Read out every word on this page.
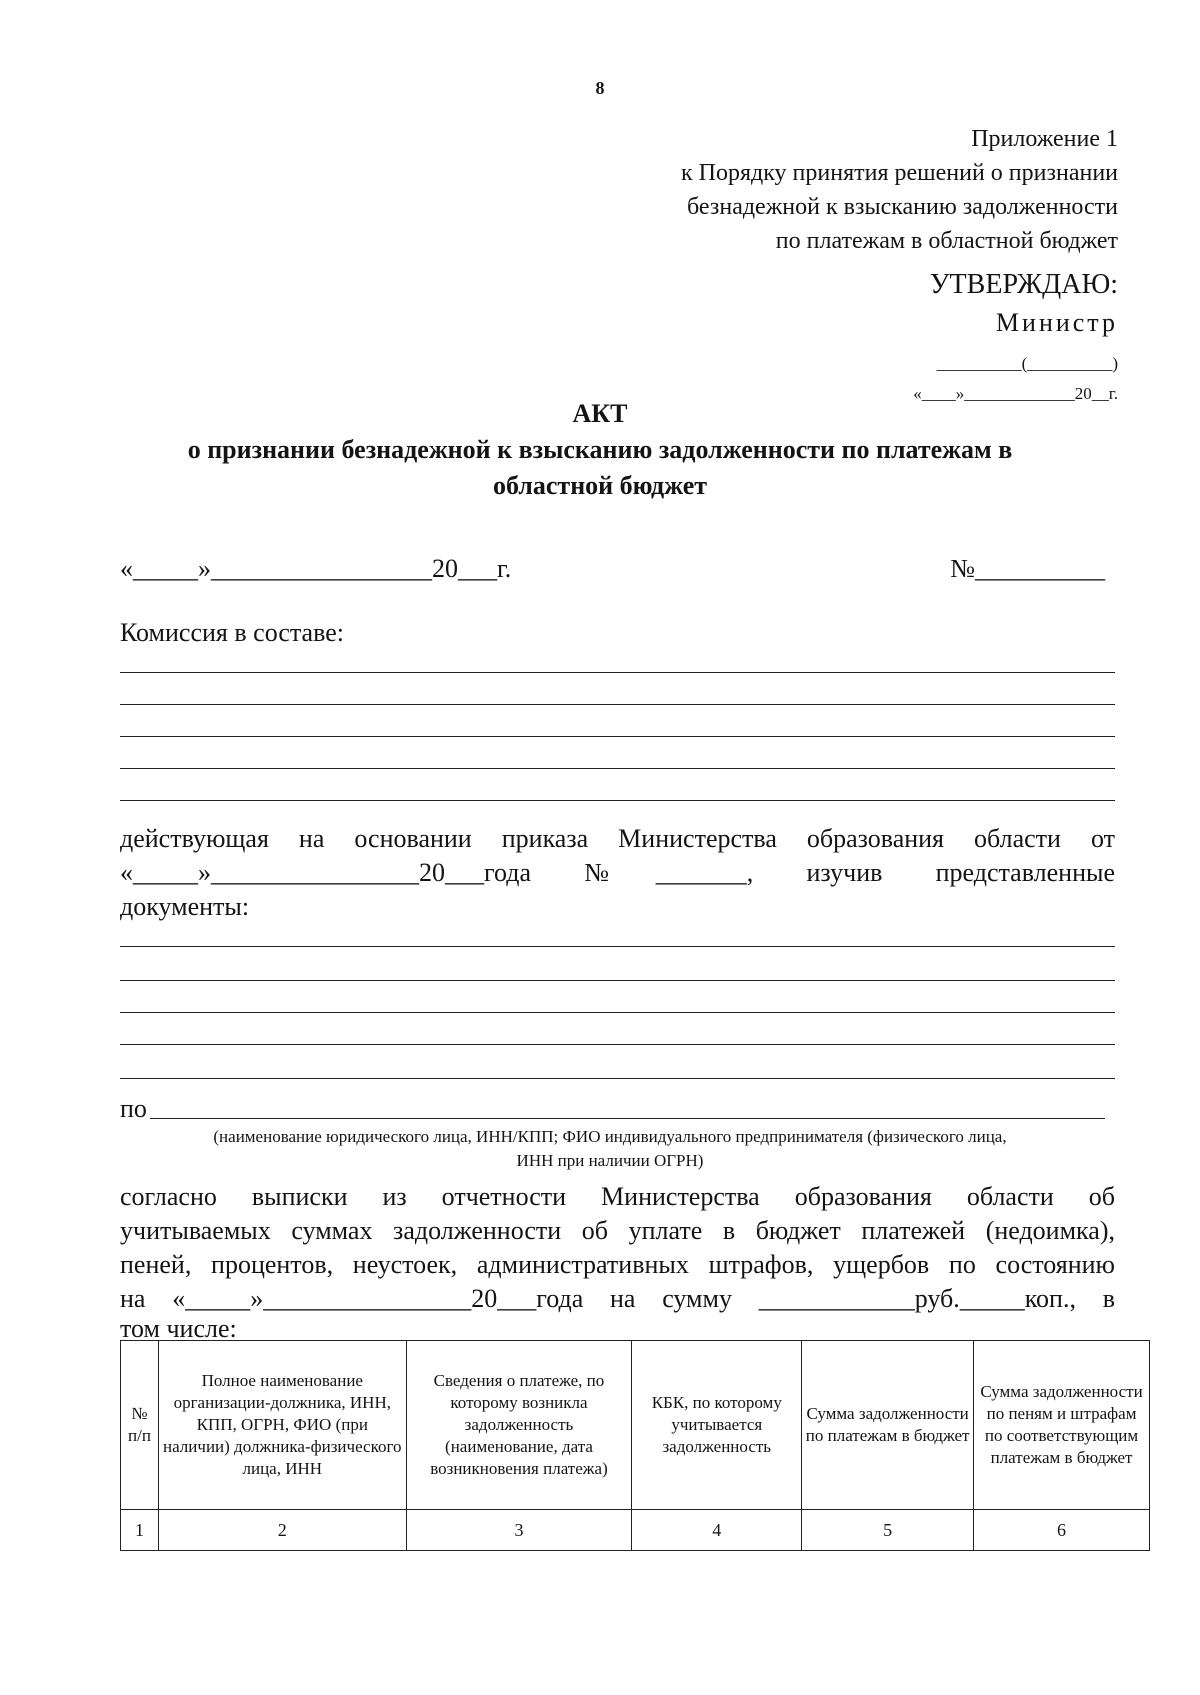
8
Приложение 1
к Порядку принятия решений о признании
безнадежной к взысканию задолженности
по платежам в областной бюджет
УТВЕРЖДАЮ:
Министр
__________(__________)
«____»_____________20__г.
АКТ
о признании безнадежной к взысканию задолженности по платежам в областной бюджет
«_____»_________________20___г.	№__________
Комиссия в составе:
действующая на основании приказа Министерства образования области от
«_____»________________20___года №_______, изучив представленные
документы:
по
(наименование юридического лица, ИНН/КПП; ФИО индивидуального предпринимателя (физического лица,
ИНН при наличии ОГРН)
согласно выписки из отчетности Министерства образования области об
учитываемых суммах задолженности об уплате в бюджет платежей (недоимка),
пеней, процентов, неустоек, административных штрафов, ущербов по состоянию
на «_____»________________20___года на сумму ____________руб._____коп., в
том числе:
№ п/п	Полное наименование организации-должника, ИНН, КПП, ОГРН, ФИО (при наличии) должника-физического лица, ИНН	Сведения о платеже, по которому возникла задолженность (наименование, дата возникновения платежа)	КБК, по которому учитывается задолженность	Сумма задолженности по платежам в бюджет	Сумма задолженности по пеням и штрафам по соответствующим платежам в бюджет
1	2	3	4	5	6
